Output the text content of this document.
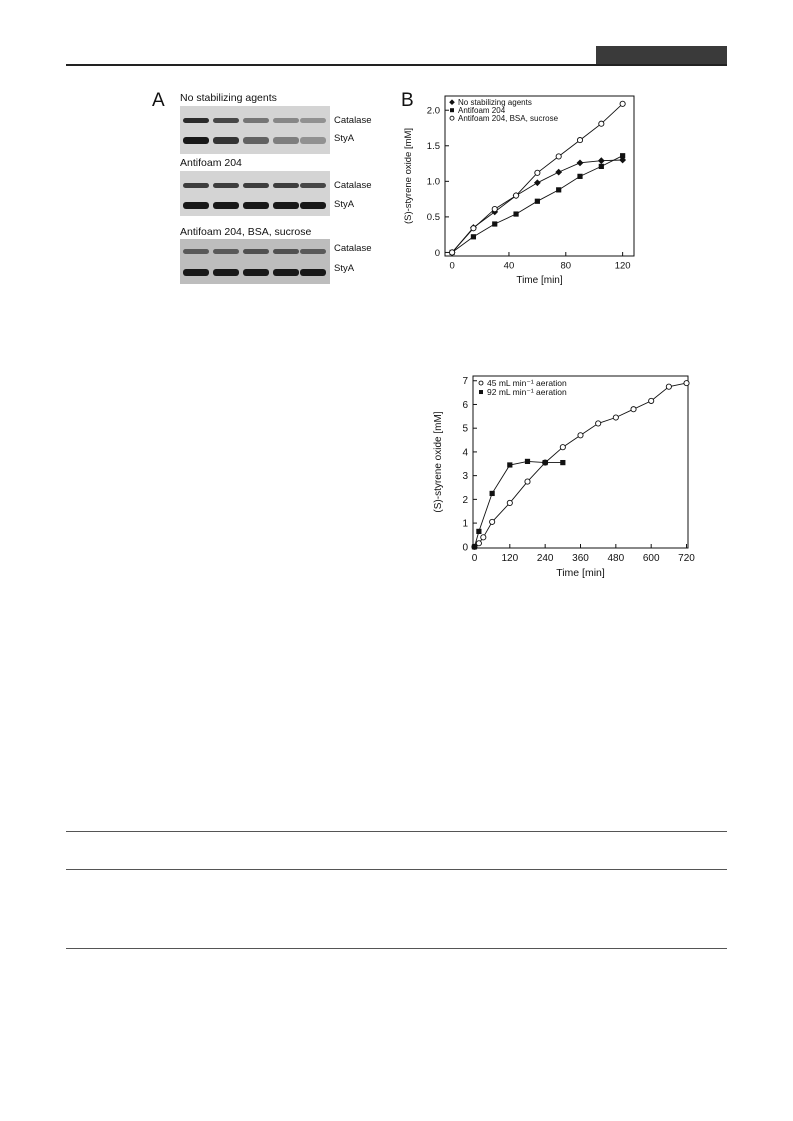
A No stabilizing agents
Catalase
StyA
Antifoam 204
Catalase
StyA
Antifoam 204, BSA, sucrose
Catalase
StyA
B
0	40	80	120
0
0.5
1.0
1.5
2.0
Time [min]
(S)-styrene oxide [mM]
No stabilizing agents
Antifoam 204
Antifoam 204, BSA, sucrose
0 120 240 360 480 600 720
0
1
2
3
4
5
6
7
Time [min]
(S)-styrene oxide [mM]
45 mL min⁻¹ aeration
92 mL min⁻¹ aeration
